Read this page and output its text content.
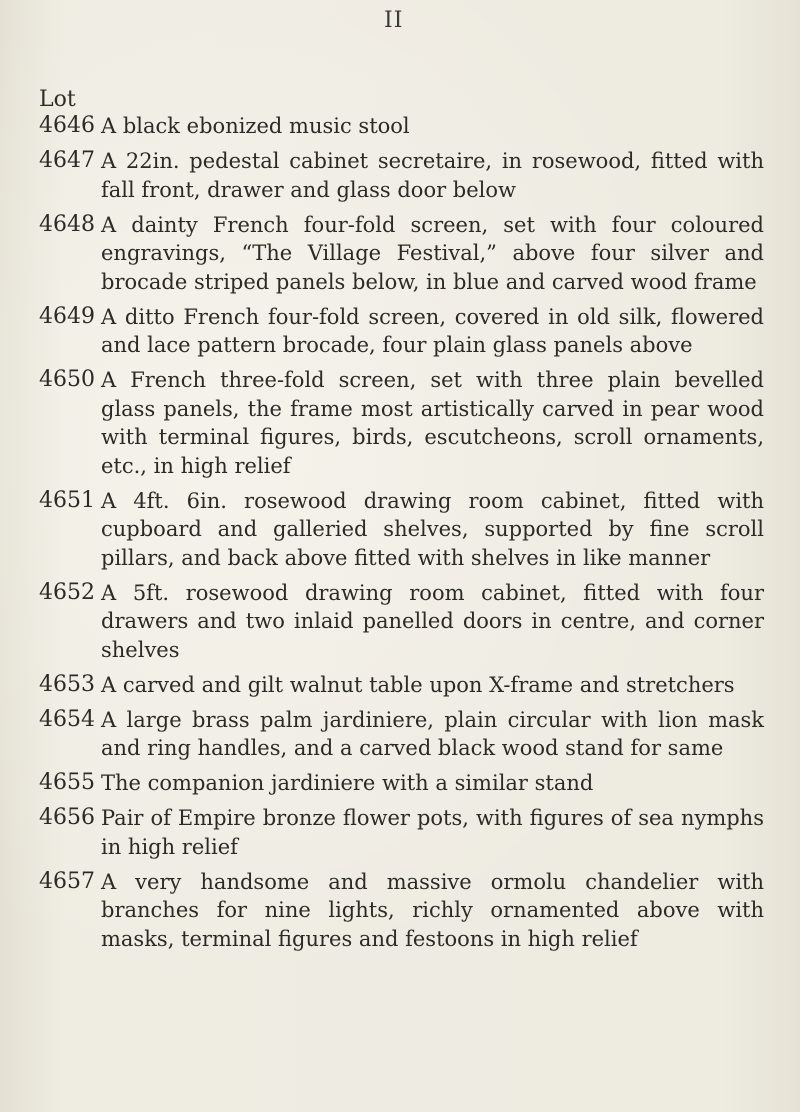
II
Lot
4646 A black ebonized music stool
4647 A 22in. pedestal cabinet secretaire, in rosewood, fitted with fall front, drawer and glass door below
4648 A dainty French four-fold screen, set with four coloured engravings, “The Village Festival,” above four silver and brocade striped panels below, in blue and carved wood frame
4649 A ditto French four-fold screen, covered in old silk, flowered and lace pattern brocade, four plain glass panels above
4650 A French three-fold screen, set with three plain bevelled glass panels, the frame most artistically carved in pear wood with terminal figures, birds, escutcheons, scroll ornaments, etc., in high relief
4651 A 4ft. 6in. rosewood drawing room cabinet, fitted with cupboard and galleried shelves, supported by fine scroll pillars, and back above fitted with shelves in like manner
4652 A 5ft. rosewood drawing room cabinet, fitted with four drawers and two inlaid panelled doors in centre, and corner shelves
4653 A carved and gilt walnut table upon X-frame and stretchers
4654 A large brass palm jardiniere, plain circular with lion mask and ring handles, and a carved black wood stand for same
4655 The companion jardiniere with a similar stand
4656 Pair of Empire bronze flower pots, with figures of sea nymphs in high relief
4657 A very handsome and massive ormolu chandelier with branches for nine lights, richly ornamented above with masks, terminal figures and festoons in high relief
